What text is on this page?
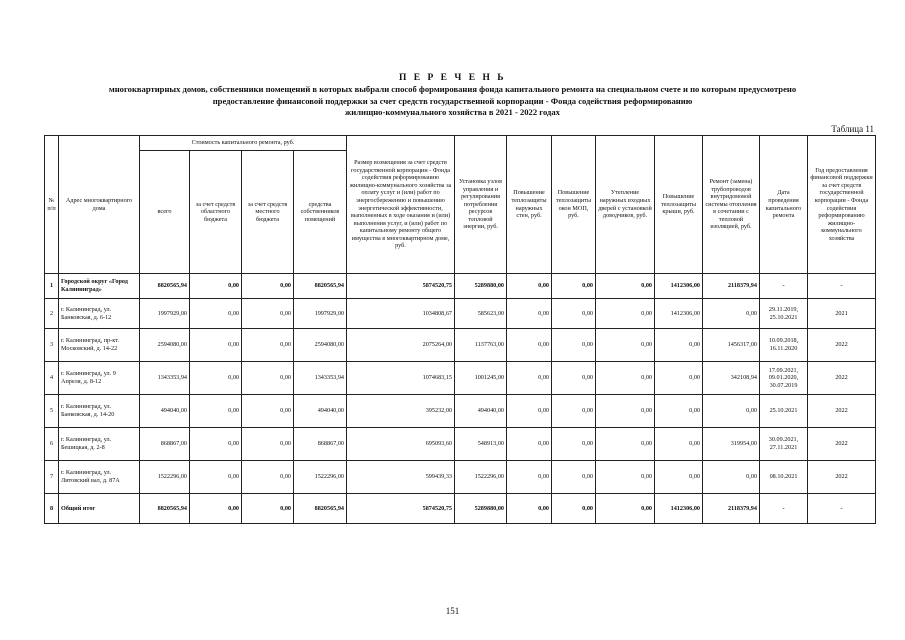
П Е Р Е Ч Е Н Ь
многоквартирных домов, собственники помещений в которых выбрали способ формирования фонда капитального ремонта на специальном счете и по которым предусмотрено
предоставление финансовой поддержки за счет средств государственной корпорации - Фонда содействия реформированию
жилищно-коммунального хозяйства в 2021 - 2022 годах
Таблица 11
№ п/п	Адрес многоквартирного дома	Стоимость капитального ремонта, руб.				Размер возмещения за счет средств государственной корпорации - Фонда содействия реформированию жилищно-коммунального хозяйства за оплату услуг и (или) работ по энергосбережению и повышению энергетической эффективности, выполненных в ходе оказания и (или) выполнения услуг, и (или) работ по капитальному ремонту общего имущества в многоквартирном доме, руб.	Установка узлов управления и регулирования потребления ресурсов тепловой энергии, руб.	Повышение теплозащиты наружных стен, руб.	Повышение теплозащиты окон МОП, руб.	Утепление наружных входных дверей с установкой доводчиков, руб.	Повышение теплозащиты крыши, руб.	Ремонт (замена) трубопроводов внутридомовой системы отопления в сочетании с тепловой изоляцией, руб.	Дата проведения капитального ремонта	Год предоставления финансовой поддержки за счет средств государственной корпорации - Фонда содействия реформированию жилищно-коммунального хозяйства
		всего	за счет средств областного бюджета	за счет средств местного бюджета	средства собственников помещений									
1	Городской округ «Город Калининград»	8820565,94	0,00	0,00	8820565,94	5874520,75	5289880,00	0,00	0,00	0,00	1412306,00	2118379,94	-	-
2	г. Калининград, ул. Банковская, д. 6-12	1997929,00	0,00	0,00	1997929,00	1034808,67	585623,00	0,00	0,00	0,00	1412306,00	0,00	29.11.2019, 25.10.2021	2021
3	г. Калининград, пр-кт. Московский, д. 14-22	2594080,00	0,00	0,00	2594080,00	2075264,00	1137763,00	0,00	0,00	0,00	0,00	1456317,00	10.09.2018, 16.11.2020	2022
4	г. Калининград, ул. 9 Апреля, д. 8-12	1343353,94	0,00	0,00	1343353,94	1074683,15	1001245,00	0,00	0,00	0,00	0,00	342108,94	17.09.2021, 09.01.2020, 30.07.2019	2022
5	г. Калининград, ул. Банковская, д. 14-20	494040,00	0,00	0,00	494040,00	395232,00	494040,00	0,00	0,00	0,00	0,00	0,00	25.10.2021	2022
6	г. Калининград, ул. Бешицкая, д. 2-8	868867,00	0,00	0,00	868867,00	695093,60	548913,00	0,00	0,00	0,00	0,00	319954,00	30.09.2021, 27.11.2021	2022
7	г. Калининград, ул. Литовский вал, д. 87А	1522296,00	0,00	0,00	1522296,00	599439,33	1522296,00	0,00	0,00	0,00	0,00	0,00	08.10.2021	2022
8	Общий итог	8820565,94	0,00	0,00	8820565,94	5874520,75	5289880,00	0,00	0,00	0,00	1412306,00	2118379,94	-	-
151
